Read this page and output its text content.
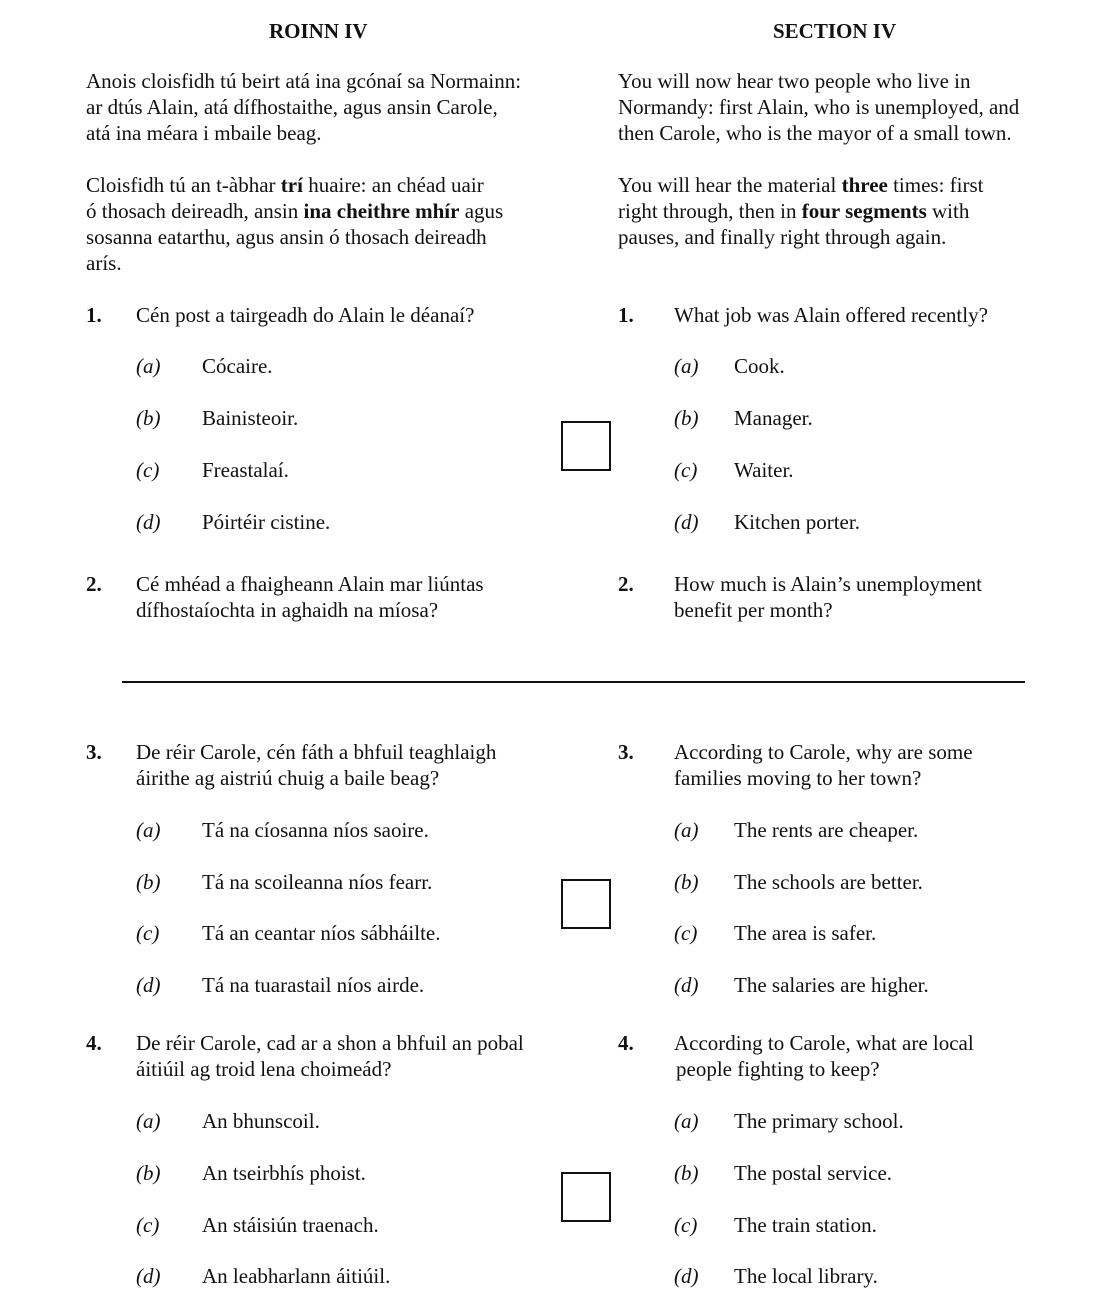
ROINN IV	SECTION IV
Anois cloisfidh tú beirt atá ina gcónaí sa Normainn:
ar dtús Alain, atá dífhostaithe, agus ansin Carole,
atá ina méara i mbaile beag.
You will now hear two people who live in
Normandy: first Alain, who is unemployed, and
then Carole, who is the mayor of a small town.
Cloisfidh tú an t-àbhar trí huaire: an chéad uair
ó thosach deireadh, ansin ina cheithre mhír agus
sosanna eatarthu, agus ansin ó thosach deireadh
arís.
You will hear the material three times: first
right through, then in four segments with
pauses, and finally right through again.
1. Cén post a tairgeadh do Alain le déanaí?	1. What job was Alain offered recently?
(a) Cócaire.	(a) Cook.
(b) Bainisteoir.	(b) Manager.
(c) Freastalaí.	(c) Waiter.
(d) Póirtéir cistine.	(d) Kitchen porter.
2. Cé mhéad a fhaigheann Alain mar liúntas
dífhostaíochta in aghaidh na míosa?
2. How much is Alain’s unemployment
benefit per month?
3. De réir Carole, cén fáth a bhfuil teaghlaigh
áirithe ag aistriú chuig a baile beag?
3. According to Carole, why are some
families moving to her town?
(a) Tá na cíosanna níos saoire.	(a) The rents are cheaper.
(b) Tá na scoileanna níos fearr.	(b) The schools are better.
(c) Tá an ceantar níos sábháilte.	(c) The area is safer.
(d) Tá na tuarastail níos airde.	(d) The salaries are higher.
4. De réir Carole, cad ar a shon a bhfuil an pobal
áitiúil ag troid lena choimeád?
4. According to Carole, what are local
people fighting to keep?
(a) An bhunscoil.	(a) The primary school.
(b) An tseirbhís phoist.	(b) The postal service.
(c) An stáisiún traenach.	(c) The train station.
(d) An leabharlann áitiúil.	(d) The local library.
